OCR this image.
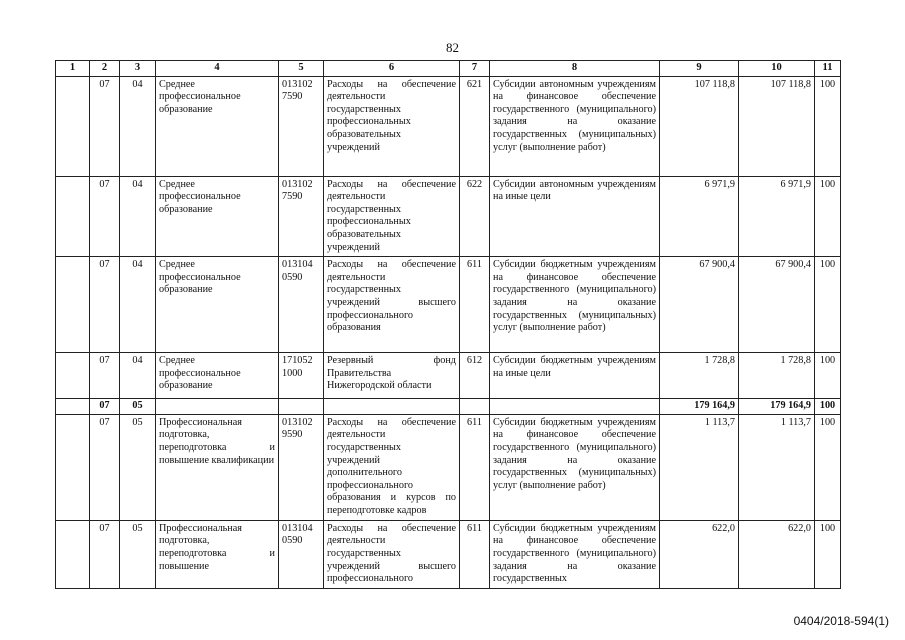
82
1	2	3	4	5	6	7	8	9	10	11
	07	04	Среднее профессиональное образование	013102 7590	Расходы на обеспечение деятельности государственных профессиональных образовательных учреждений	621	Субсидии автономным учреждениям на финансовое обеспечение государственного (муниципального) задания на оказание государственных (муниципальных) услуг (выполнение работ)	107 118,8	107 118,8	100
	07	04	Среднее профессиональное образование	013102 7590	Расходы на обеспечение деятельности государственных профессиональных образовательных учреждений	622	Субсидии автономным учреждениям на иные цели	6 971,9	6 971,9	100
	07	04	Среднее профессиональное образование	013104 0590	Расходы на обеспечение деятельности государственных учреждений высшего профессионального образования	611	Субсидии бюджетным учреждениям на финансовое обеспечение государственного (муниципального) задания на оказание государственных (муниципальных) услуг (выполнение работ)	67 900,4	67 900,4	100
	07	04	Среднее профессиональное образование	171052 1000	Резервный фонд Правительства Нижегородской области	612	Субсидии бюджетным учреждениям на иные цели	1 728,8	1 728,8	100
	07	05						179 164,9	179 164,9	100
	07	05	Профессиональная подготовка, переподготовка и повышение квалификации	013102 9590	Расходы на обеспечение деятельности государственных учреждений дополнительного профессионального образования и курсов по переподготовке кадров	611	Субсидии бюджетным учреждениям на финансовое обеспечение государственного (муниципального) задания на оказание государственных (муниципальных) услуг (выполнение работ)	1 113,7	1 113,7	100
	07	05	Профессиональная подготовка, переподготовка и повышение	013104 0590	Расходы на обеспечение деятельности государственных учреждений высшего профессионального	611	Субсидии бюджетным учреждениям на финансовое обеспечение государственного (муниципального) задания на оказание государственных	622,0	622,0	100
0404/2018-594(1)
